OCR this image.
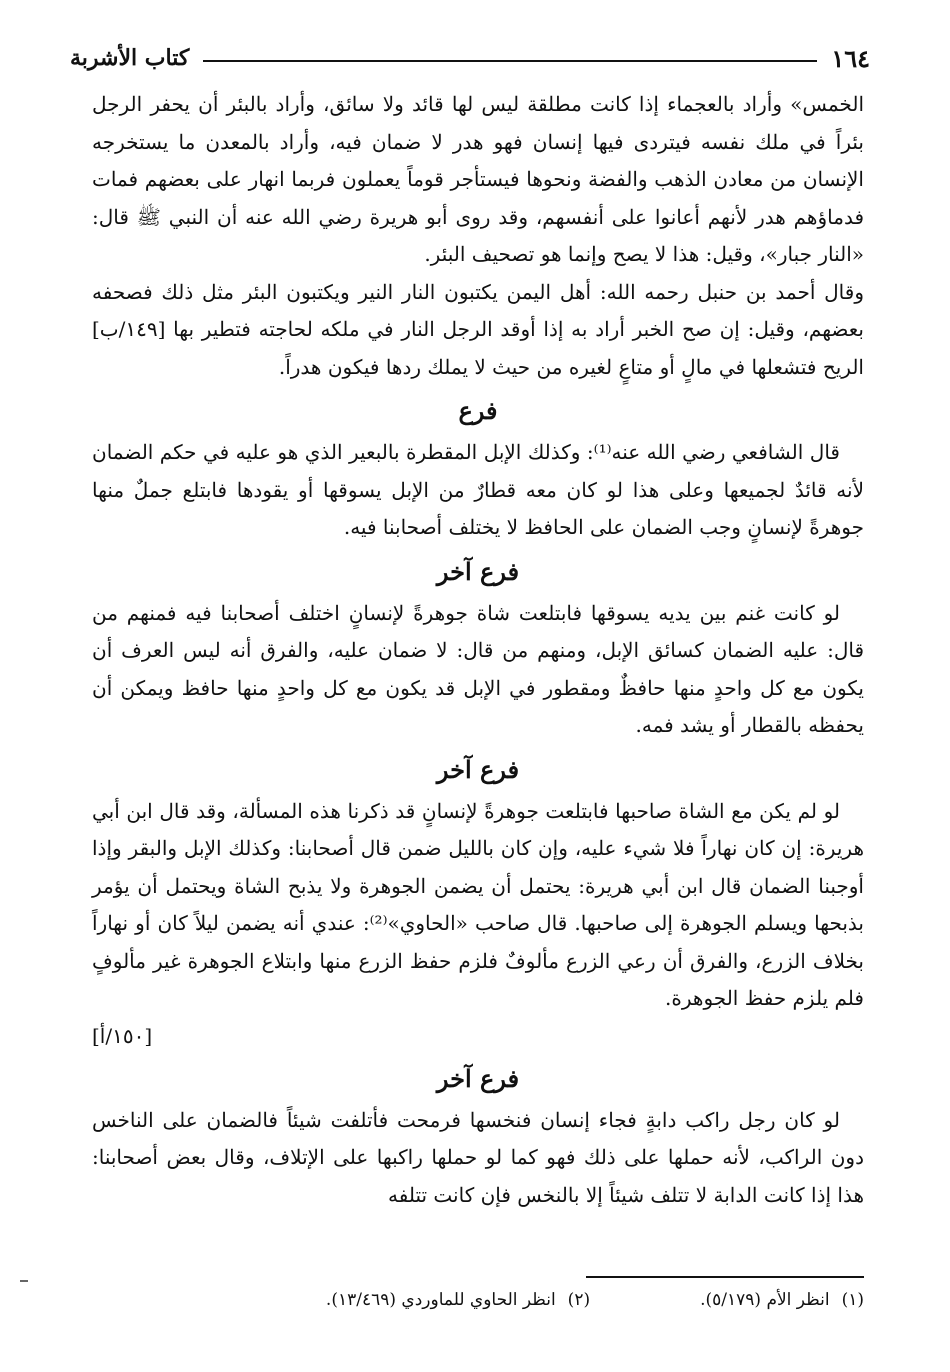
١٦٤
كتاب الأشربة

الخمس» وأراد بالعجماء إذا كانت مطلقة ليس لها قائد ولا سائق، وأراد بالبئر أن يحفر الرجل بئراً في ملك نفسه فيتردى فيها إنسان فهو هدر لا ضمان فيه، وأراد بالمعدن ما يستخرجه الإنسان من معادن الذهب والفضة ونحوها فيستأجر قوماً يعملون فربما انهار على بعضهم فمات فدماؤهم هدر لأنهم أعانوا على أنفسهم، وقد روى أبو هريرة رضي الله عنه أن النبي ﷺ قال: «النار جبار»، وقيل: هذا لا يصح وإنما هو تصحيف البئر.

وقال أحمد بن حنبل رحمه الله: أهل اليمن يكتبون النار النير ويكتبون البئر مثل ذلك فصحفه بعضهم، وقيل: إن صح الخبر أراد به إذا أوقد الرجل النار في ملكه لحاجته فتطير بها [١٤٩/ب] الريح فتشعلها في مالٍ أو متاعٍ لغيره من حيث لا يملك ردها فيكون هدراً.

فرع

قال الشافعي رضي الله عنه⁽¹⁾: وكذلك الإبل المقطرة بالبعير الذي هو عليه في حكم الضمان لأنه قائدٌ لجميعها وعلى هذا لو كان معه قطارٌ من الإبل يسوقها أو يقودها فابتلع جملٌ منها جوهرةً لإنسانٍ وجب الضمان على الحافظ لا يختلف أصحابنا فيه.

فرع آخر

لو كانت غنم بين يديه يسوقها فابتلعت شاة جوهرةً لإنسانٍ اختلف أصحابنا فيه فمنهم من قال: عليه الضمان كسائق الإبل، ومنهم من قال: لا ضمان عليه، والفرق أنه ليس العرف أن يكون مع كل واحدٍ منها حافظٌ ومقطور في الإبل قد يكون مع كل واحدٍ منها حافظ ويمكن أن يحفظه بالقطار أو يشد فمه.

فرع آخر

لو لم يكن مع الشاة صاحبها فابتلعت جوهرةً لإنسانٍ قد ذكرنا هذه المسألة، وقد قال ابن أبي هريرة: إن كان نهاراً فلا شيء عليه، وإن كان بالليل ضمن قال أصحابنا: وكذلك الإبل والبقر وإذا أوجبنا الضمان قال ابن أبي هريرة: يحتمل أن يضمن الجوهرة ولا يذبح الشاة ويحتمل أن يؤمر بذبحها ويسلم الجوهرة إلى صاحبها. قال صاحب «الحاوي»⁽²⁾: عندي أنه يضمن ليلاً كان أو نهاراً بخلاف الزرع، والفرق أن رعي الزرع مألوفٌ فلزم حفظ الزرع منها وابتلاع الجوهرة غير مألوفٍ فلم يلزم حفظ الجوهرة.

[١٥٠/أ]

فرع آخر

لو كان رجل راكب دابةٍ فجاء إنسان فنخسها فرمحت فأتلفت شيئاً فالضمان على الناخس دون الراكب، لأنه حملها على ذلك فهو كما لو حملها راكبها على الإتلاف، وقال بعض أصحابنا: هذا إذا كانت الدابة لا تتلف شيئاً إلا بالنخس فإن كانت تتلفه

(١)انظر الأم (٥/١٧٩).
(٢)انظر الحاوي للماوردي (١٣/٤٦٩).
